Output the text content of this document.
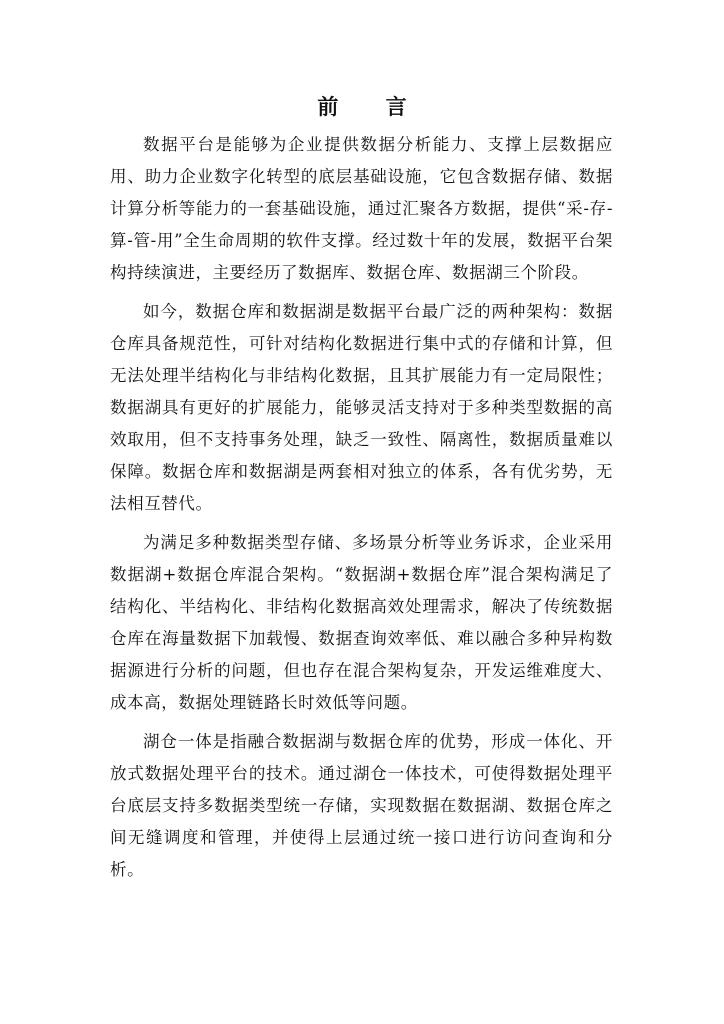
前 言

数据平台是能够为企业提供数据分析能力、支撑上层数据应用、助力企业数字化转型的底层基础设施，它包含数据存储、数据计算分析等能力的一套基础设施，通过汇聚各方数据，提供“采-存-算-管-用”全生命周期的软件支撑。经过数十年的发展，数据平台架构持续演进，主要经历了数据库、数据仓库、数据湖三个阶段。

如今，数据仓库和数据湖是数据平台最广泛的两种架构：数据仓库具备规范性，可针对结构化数据进行集中式的存储和计算，但无法处理半结构化与非结构化数据，且其扩展能力有一定局限性；数据湖具有更好的扩展能力，能够灵活支持对于多种类型数据的高效取用，但不支持事务处理，缺乏一致性、隔离性，数据质量难以保障。数据仓库和数据湖是两套相对独立的体系，各有优劣势，无法相互替代。

为满足多种数据类型存储、多场景分析等业务诉求，企业采用数据湖+数据仓库混合架构。“数据湖+数据仓库”混合架构满足了结构化、半结构化、非结构化数据高效处理需求，解决了传统数据仓库在海量数据下加载慢、数据查询效率低、难以融合多种异构数据源进行分析的问题，但也存在混合架构复杂，开发运维难度大、成本高，数据处理链路长时效低等问题。

湖仓一体是指融合数据湖与数据仓库的优势，形成一体化、开放式数据处理平台的技术。通过湖仓一体技术，可使得数据处理平台底层支持多数据类型统一存储，实现数据在数据湖、数据仓库之间无缝调度和管理，并使得上层通过统一接口进行访问查询和分析。
